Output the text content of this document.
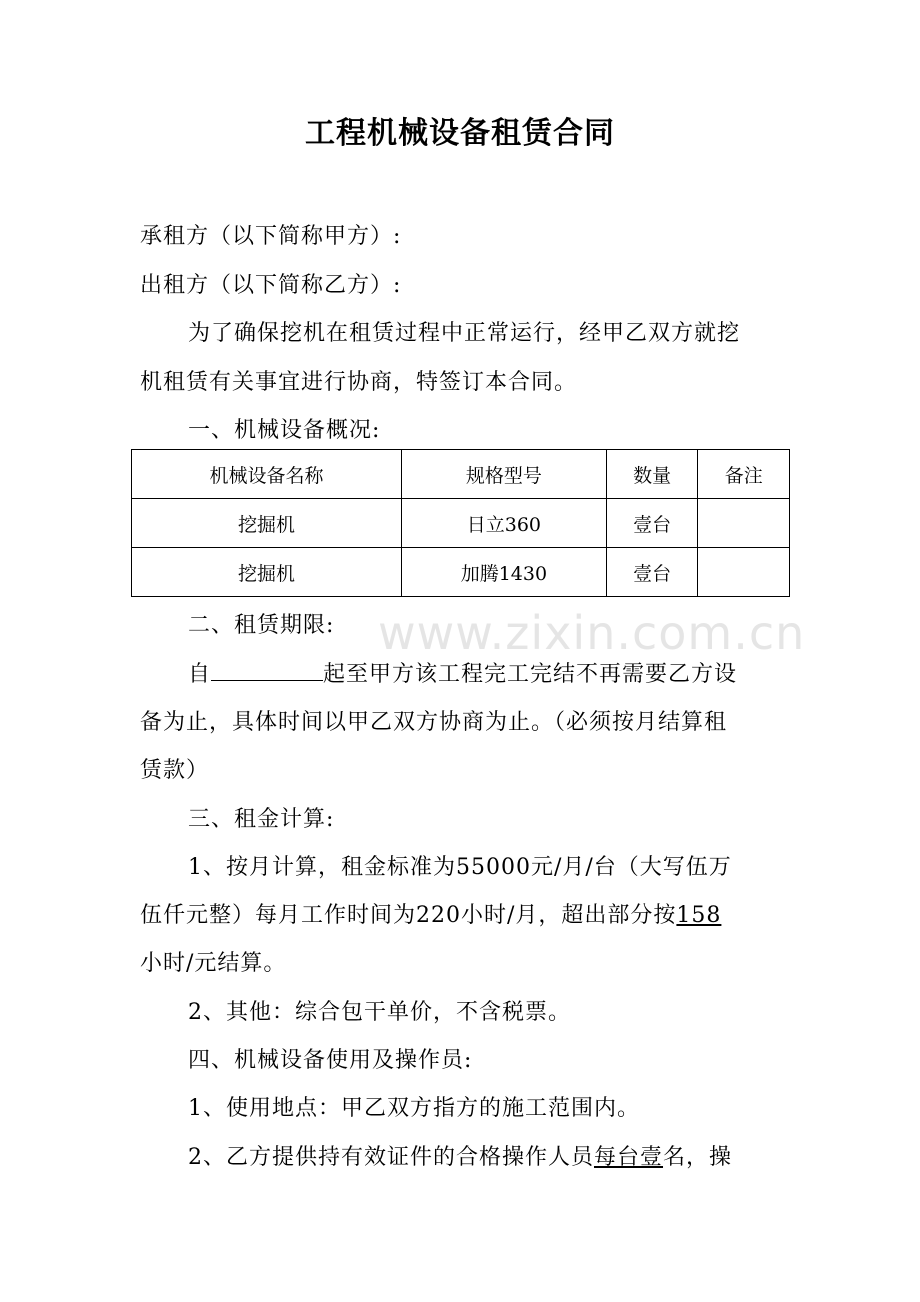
www.zixin.com.cn
工程机械设备租赁合同
承租方（以下简称甲方）:
出租方（以下简称乙方）:
为了确保挖机在租赁过程中正常运行，经甲乙双方就挖
机租赁有关事宜进行协商，特签订本合同。
一、机械设备概况:
机械设备名称	规格型号	数量	备注
挖掘机	日立360	壹台	
挖掘机	加腾1430	壹台	
二、租赁期限:
自	起至甲方该工程完工完结不再需要乙方设
备为止，具体时间以甲乙双方协商为止。（必须按月结算租
赁款）
三、租金计算:
1、按月计算，租金标准为55000元/月/台（大写伍万
伍仟元整）每月工作时间为220小时/月，超出部分按158
小时/元结算。
2、其他：综合包干单价，不含税票。
四、机械设备使用及操作员:
1、使用地点：甲乙双方指方的施工范围内。
2、乙方提供持有效证件的合格操作人员每台壹名，操
